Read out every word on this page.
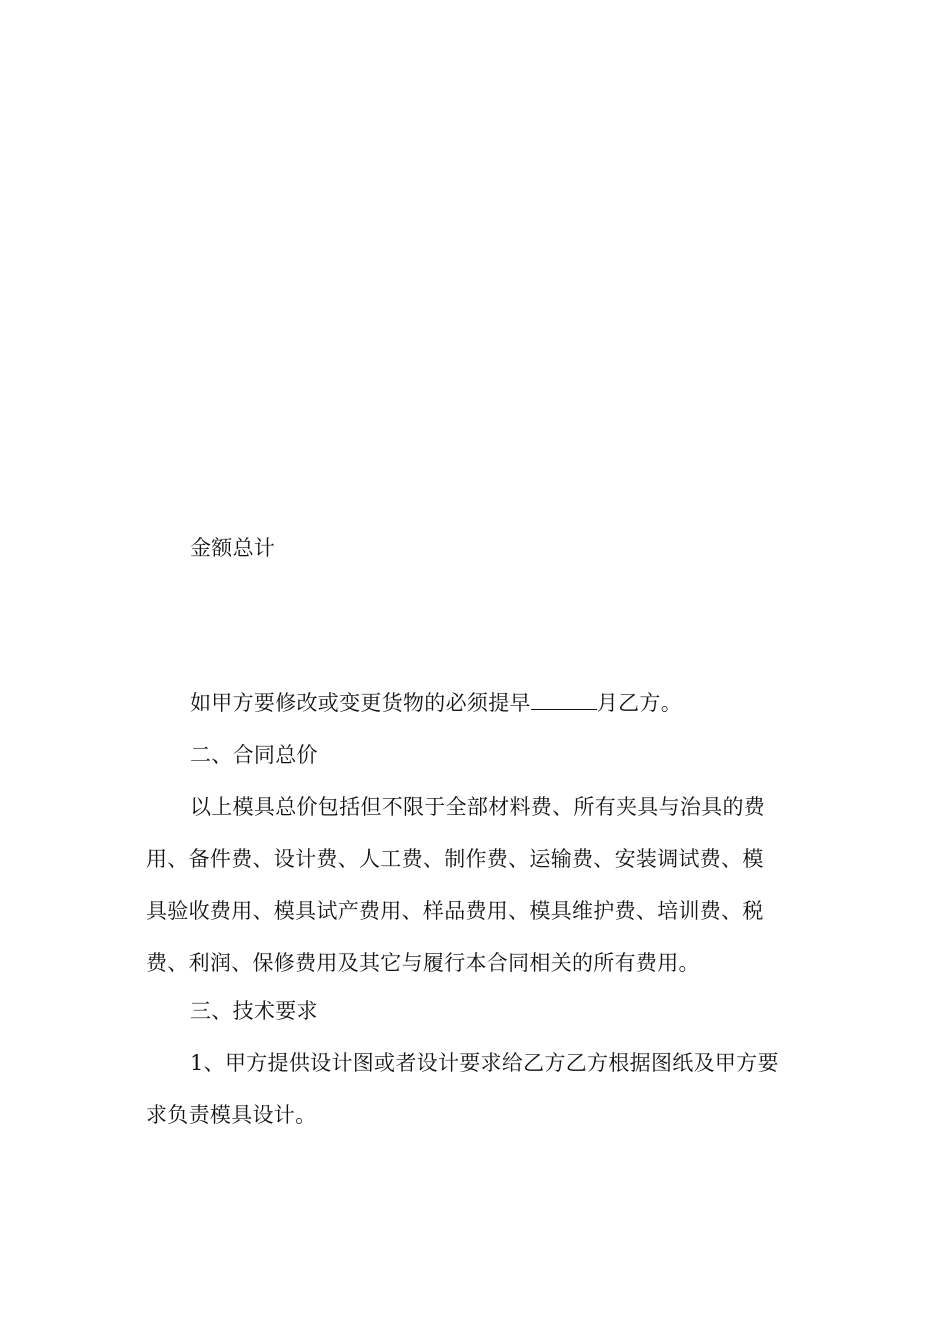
金额总计

如甲方要修改或变更货物的必须提早	月乙方。

二、合同总价

以上模具总价包括但不限于全部材料费、所有夹具与治具的费
用、备件费、设计费、人工费、制作费、运输费、安装调试费、模
具验收费用、模具试产费用、样品费用、模具维护费、培训费、税
费、利润、保修费用及其它与履行本合同相关的所有费用。

三、技术要求

1、甲方提供设计图或者设计要求给乙方乙方根据图纸及甲方要
求负责模具设计。
